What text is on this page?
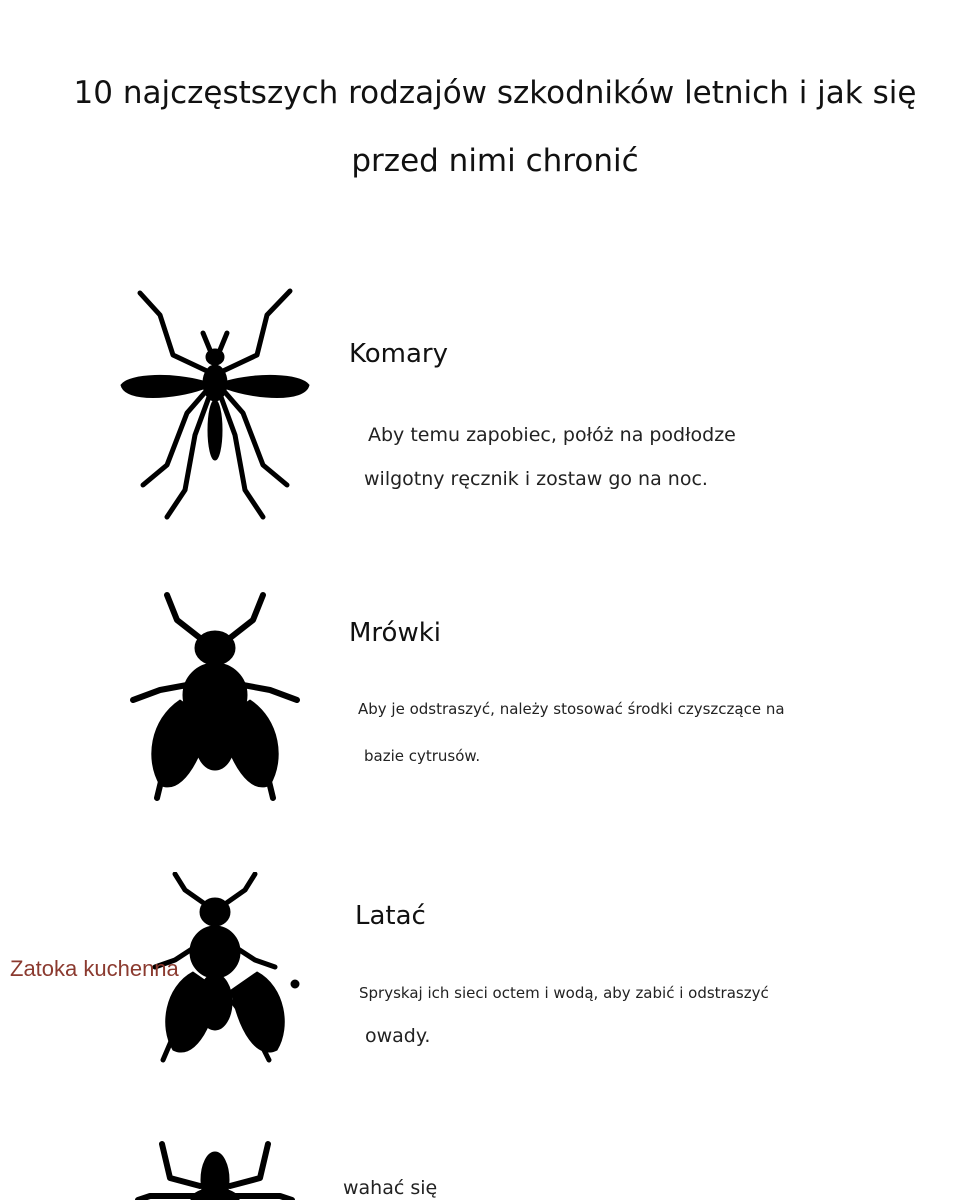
10 najczęstszych rodzajów szkodników letnich i jak się
przed nimi chronić
Komary
Aby temu zapobiec, połóż na podłodze
wilgotny ręcznik i zostaw go na noc.
Mrówki
Aby je odstraszyć, należy stosować środki czyszczące na
bazie cytrusów.
Latać
Spryskaj ich sieci octem i wodą, aby zabić i odstraszyć
owady.
Zatoka kuchenna
wahać się
